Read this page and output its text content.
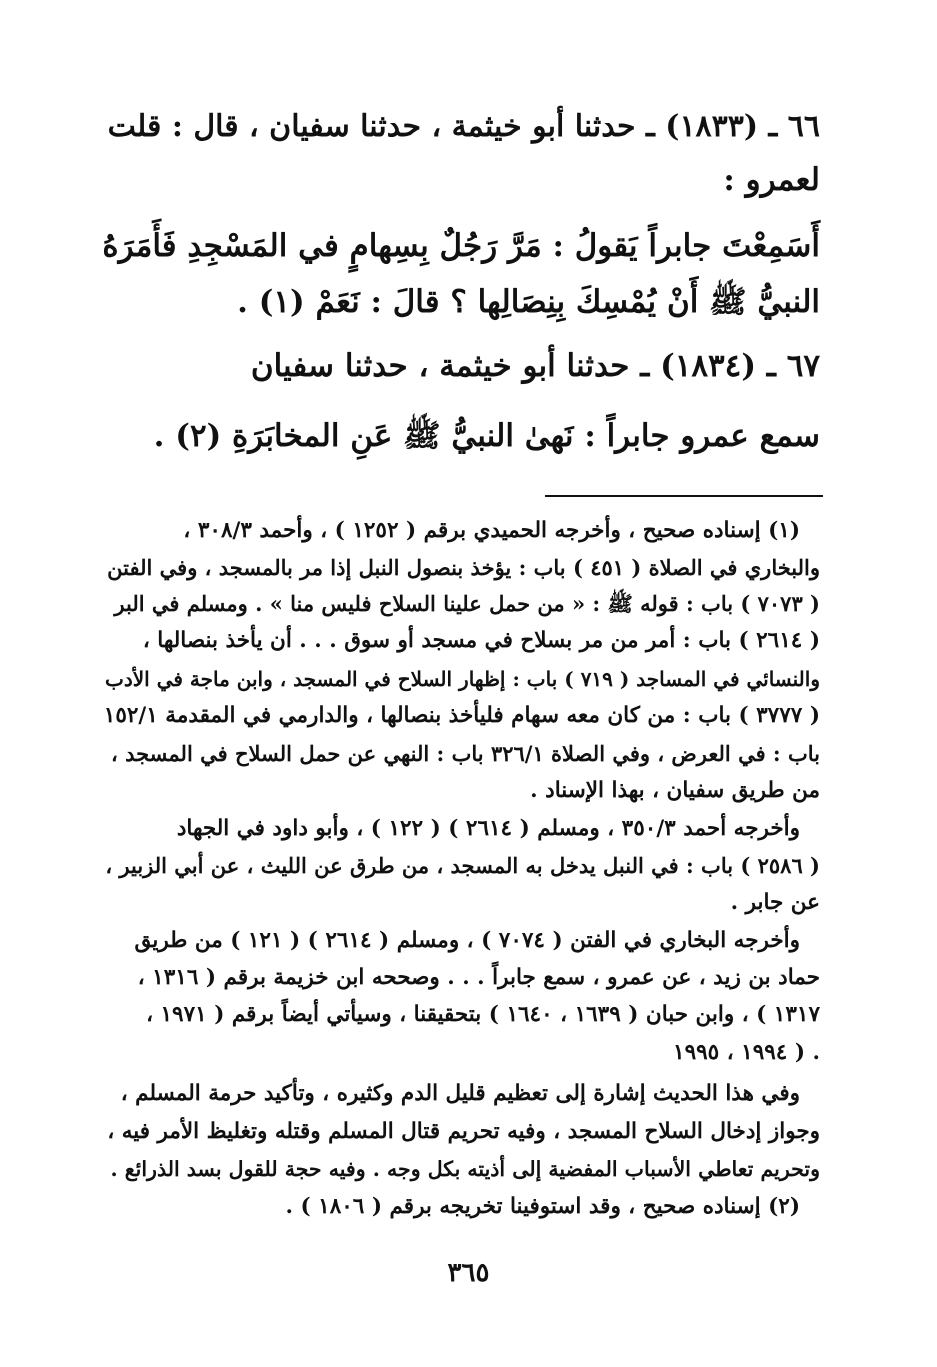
٦٦ ـ (١٨٣٣) ـ حدثنا أبو خيثمة ، حدثنا سفيان ، قال : قلت
لعمرو :
أَسَمِعْتَ جابراً يَقولُ : مَرَّ رَجُلٌ بِسِهامٍ في المَسْجِدِ فَأَمَرَهُ
النبيُّ ﷺ أَنْ يُمْسِكَ بِنِصَالِها ؟ قالَ : نَعَمْ (١) .
٦٧ ـ (١٨٣٤) ـ حدثنا أبو خيثمة ، حدثنا سفيان
سمع عمرو جابراً : نَهىٰ النبيُّ ﷺ عَنِ المخابَرَةِ (٢) .
(١) إسناده صحيح ، وأخرجه الحميدي برقم ( ١٢٥٢ ) ، وأحمد ٣٠٨/٣ ،
والبخاري في الصلاة ( ٤٥١ ) باب : يؤخذ بنصول النبل إذا مر بالمسجد ، وفي الفتن
( ٧٠٧٣ ) باب : قوله ﷺ : « من حمل علينا السلاح فليس منا » . ومسلم في البر
( ٢٦١٤ ) باب : أمر من مر بسلاح في مسجد أو سوق . . . أن يأخذ بنصالها ،
والنسائي في المساجد ( ٧١٩ ) باب : إظهار السلاح في المسجد ، وابن ماجة في الأدب
( ٣٧٧٧ ) باب : من كان معه سهام فليأخذ بنصالها ، والدارمي في المقدمة ١٥٢/١
باب : في العرض ، وفي الصلاة ٣٢٦/١ باب : النهي عن حمل السلاح في المسجد ،
من طريق سفيان ، بهذا الإسناد .
وأخرجه أحمد ٣٥٠/٣ ، ومسلم ( ٢٦١٤ ) ( ١٢٢ ) ، وأبو داود في الجهاد
( ٢٥٨٦ ) باب : في النبل يدخل به المسجد ، من طرق عن الليث ، عن أبي الزبير ،
عن جابر .
وأخرجه البخاري في الفتن ( ٧٠٧٤ ) ، ومسلم ( ٢٦١٤ ) ( ١٢١ ) من طريق
حماد بن زيد ، عن عمرو ، سمع جابراً . . . وصححه ابن خزيمة برقم ( ١٣١٦ ،
١٣١٧ ) ، وابن حبان ( ١٦٣٩ ، ١٦٤٠ ) بتحقيقنا ، وسيأتي أيضاً برقم ( ١٩٧١ ،
١٩٩٤ ، ١٩٩٥ ) .
وفي هذا الحديث إشارة إلى تعظيم قليل الدم وكثيره ، وتأكيد حرمة المسلم ،
وجواز إدخال السلاح المسجد ، وفيه تحريم قتال المسلم وقتله وتغليظ الأمر فيه ،
وتحريم تعاطي الأسباب المفضية إلى أذيته بكل وجه . وفيه حجة للقول بسد الذرائع .
(٢) إسناده صحيح ، وقد استوفينا تخريجه برقم ( ١٨٠٦ ) .
٣٦٥
